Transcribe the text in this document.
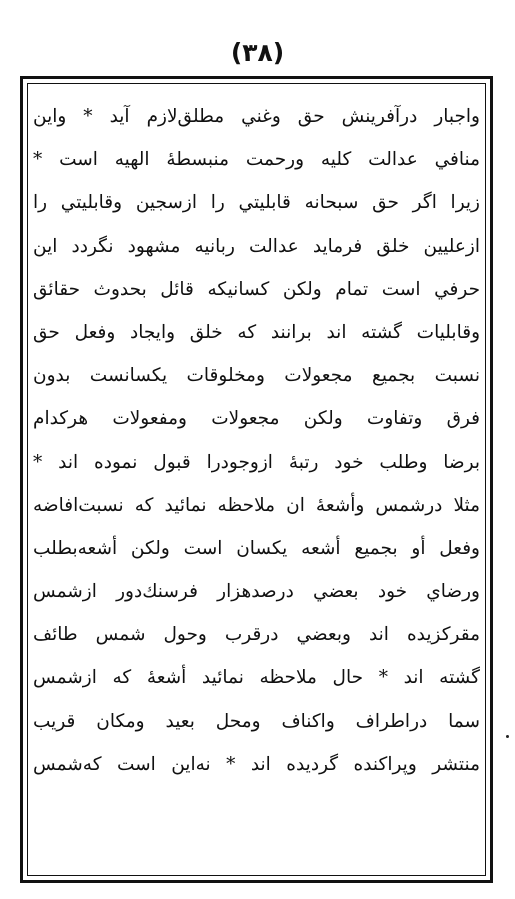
(۳۸)
واجبار درآفرينش حق وغني مطلق‌لازم آيد * واين
منافي عدالت كليه ورحمت منبسطهٔ الهيه است *
زيرا اگر حق سبحانه قابليتي را ازسجين وقابليتي را
ازعليين خلق فرمايد عدالت ربانيه مشهود نگردد اين
حرفي است تمام ولكن كسانيكه قائل بحدوث حقائق
وقابليات گشته اند برانند كه خلق وايجاد وفعل حق
نسبت بجميع مجعولات ومخلوقات يكسانست بدون
فرق وتفاوت ولكن مجعولات ومفعولات هركدام
برضا وطلب خود رتبهٔ ازوجودرا قبول نموده اند *
مثلا درشمس وأشعهٔ ان ملاحظه نمائيد كه نسبت‌افاضه
وفعل أو بجميع أشعه يكسان است ولكن أشعه‌بطلب
ورضاي خود بعضي درصدهزار فرسنك‌دور ازشمس
مقركزيده اند وبعضي درقرب وحول شمس طائف
گشته اند * حال ملاحظه نمائيد أشعهٔ كه ازشمس
سما دراطراف واكناف ومحل بعيد ومكان قريب
منتشر وپراكنده گرديده اند * نه‌اين است كه‌شمس
